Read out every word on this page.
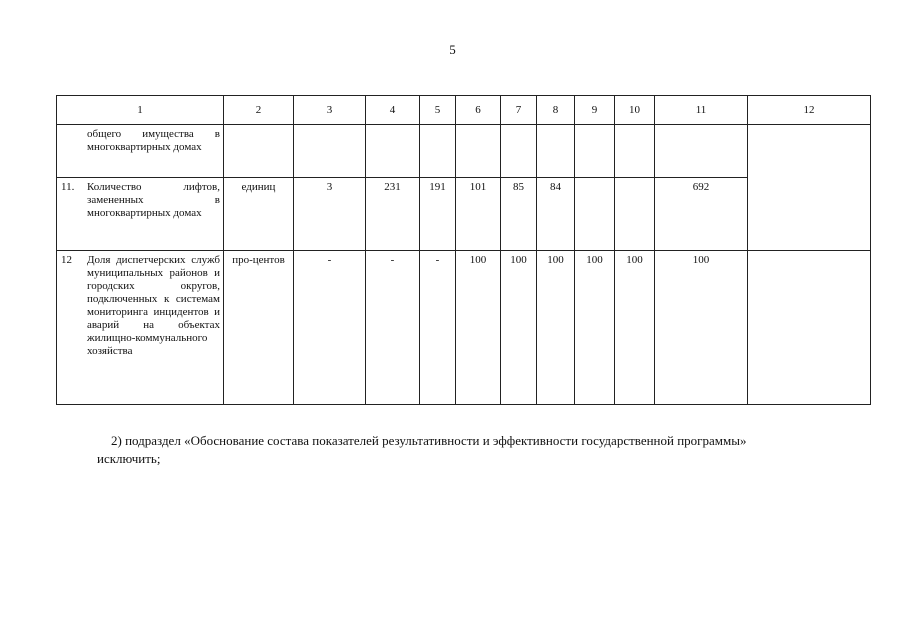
5
1	2	3	4	5	6	7	8	9	10	11	12

общего имущества в многоквартирных домах											

11. Количество лифтов, замененных в многоквартирных домах	единиц	3	231	191	101	85	84			692	

12 Доля диспетчерских служб муниципальных районов и городских округов, подключенных к системам мониторинга инцидентов и аварий на объектах жилищно-коммунального хозяйства	про-центов	-	-	-	100	100	100	100	100	100	
2) подраздел «Обоснование состава показателей результативности и эффективности государственной программы»
исключить;
